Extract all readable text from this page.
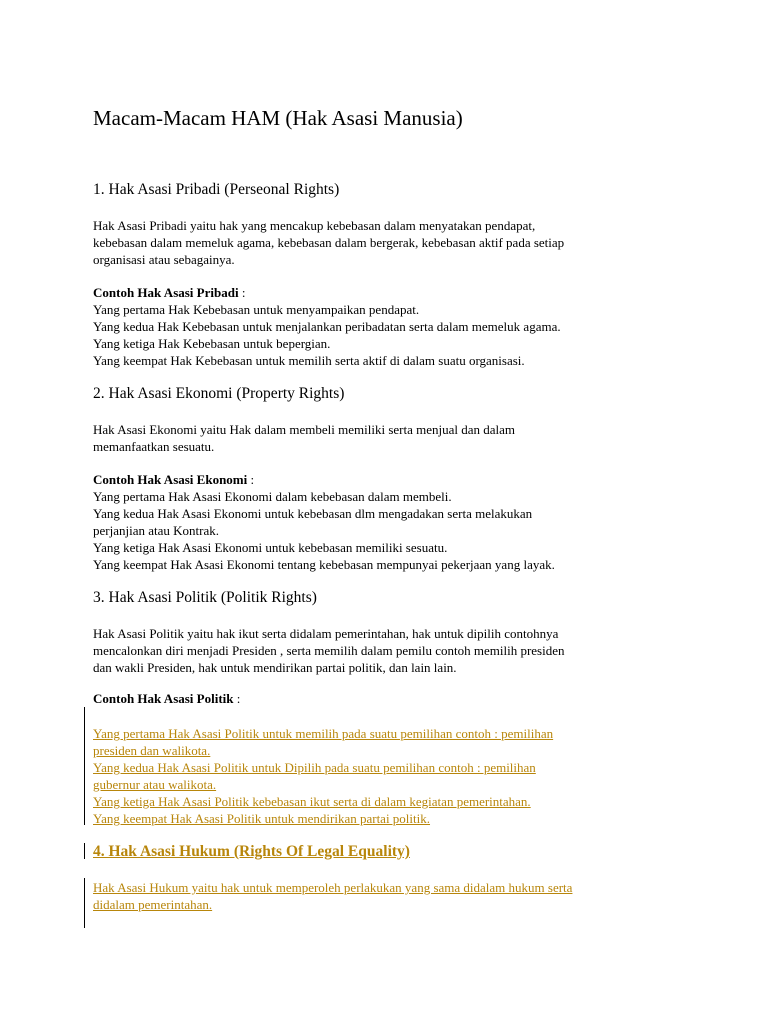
Macam-Macam HAM (Hak Asasi Manusia)
1. Hak Asasi Pribadi (Perseonal Rights)
Hak Asasi Pribadi yaitu hak yang mencakup kebebasan dalam menyatakan pendapat,
kebebasan dalam memeluk agama, kebebasan dalam bergerak, kebebasan aktif pada setiap
organisasi atau sebagainya.
Contoh Hak Asasi Pribadi :
Yang pertama Hak Kebebasan untuk menyampaikan pendapat.
Yang kedua Hak Kebebasan untuk menjalankan peribadatan serta dalam memeluk agama.
Yang ketiga Hak Kebebasan untuk bepergian.
Yang keempat Hak Kebebasan untuk memilih serta aktif di dalam suatu organisasi.
2. Hak Asasi Ekonomi (Property Rights)
Hak Asasi Ekonomi yaitu Hak dalam membeli memiliki serta menjual dan dalam
memanfaatkan sesuatu.
Contoh Hak Asasi Ekonomi :
Yang pertama Hak Asasi Ekonomi dalam kebebasan dalam membeli.
Yang kedua Hak Asasi Ekonomi untuk kebebasan dlm mengadakan serta melakukan
perjanjian atau Kontrak.
Yang ketiga Hak Asasi Ekonomi untuk kebebasan memiliki sesuatu.
Yang keempat Hak Asasi Ekonomi tentang kebebasan mempunyai pekerjaan yang layak.
3. Hak Asasi Politik (Politik Rights)
Hak Asasi Politik yaitu hak ikut serta didalam pemerintahan, hak untuk dipilih contohnya
mencalonkan diri menjadi Presiden , serta memilih dalam pemilu contoh memilih presiden
dan wakli Presiden, hak untuk mendirikan partai politik, dan lain lain.
Contoh Hak Asasi Politik :
Yang pertama Hak Asasi Politik untuk memilih pada suatu pemilihan contoh : pemilihan
presiden dan walikota.
Yang kedua Hak Asasi Politik untuk Dipilih pada suatu pemilihan contoh : pemilihan
gubernur atau walikota.
Yang ketiga Hak Asasi Politik kebebasan ikut serta di dalam kegiatan pemerintahan.
Yang keempat Hak Asasi Politik untuk mendirikan partai politik.
4. Hak Asasi Hukum (Rights Of Legal Equality)
Hak Asasi Hukum yaitu hak untuk memperoleh perlakukan yang sama didalam hukum serta
didalam pemerintahan.
